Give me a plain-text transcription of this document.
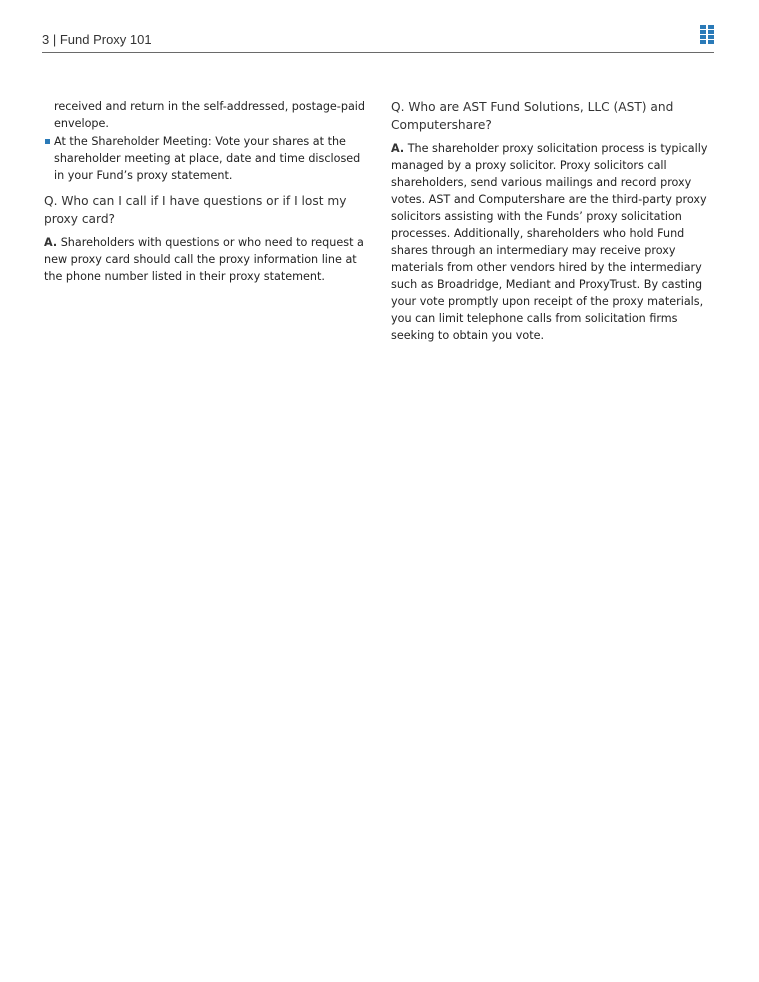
3 | Fund Proxy 101

received and return in the self-addressed, postage-paid envelope.

At the Shareholder Meeting: Vote your shares at the shareholder meeting at place, date and time disclosed in your Fund’s proxy statement.

Q. Who can I call if I have questions or if I lost my proxy card?

A. Shareholders with questions or who need to request a new proxy card should call the proxy information line at the phone number listed in their proxy statement.

Q. Who are AST Fund Solutions, LLC (AST) and Computershare?

A. The shareholder proxy solicitation process is typically managed by a proxy solicitor. Proxy solicitors call shareholders, send various mailings and record proxy votes. AST and Computershare are the third-party proxy solicitors assisting with the Funds’ proxy solicitation processes. Additionally, shareholders who hold Fund shares through an intermediary may receive proxy materials from other vendors hired by the intermediary such as Broadridge, Mediant and ProxyTrust. By casting your vote promptly upon receipt of the proxy materials, you can limit telephone calls from solicitation firms seeking to obtain you vote.
